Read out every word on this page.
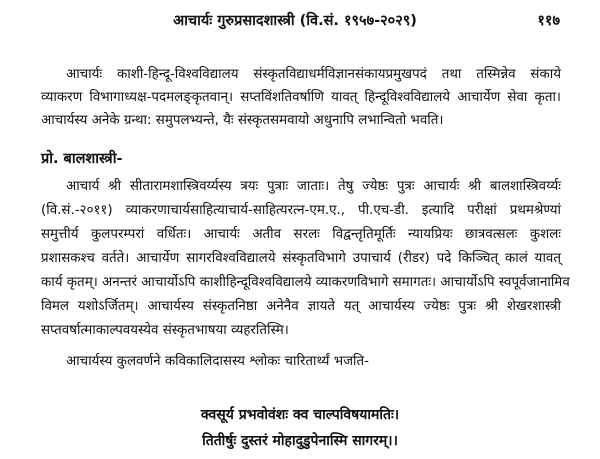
आचार्यः गुरुप्रसादशास्त्री (वि.सं. १९५७-२०२९)	११७
आचार्यः काशी-हिन्दू-विश्वविद्यालय संस्कृतविद्याधर्मविज्ञानसंकायप्रमुखपदं तथा तस्मिन्नेव संकाये
व्याकरण विभागाध्यक्ष-पदमलङ्कृतवान्। सप्तविंशतिवर्षाणि यावत् हिन्दूविश्वविद्यालये आचार्येण सेवा कृता।
आचार्यस्य अनेके ग्रन्था: समुपलभ्यन्ते, यैः संस्कृतसमवायो अधुनापि लभान्वितो भवति।
प्रो. बालशास्त्री-
आचार्य श्री सीतारामशास्त्रिवर्य्यस्य त्रयः पुत्राः जाताः। तेषु ज्येष्ठः पुत्रः आचार्यः श्री बालशास्त्रिवर्य्यः
(वि.सं.-२०११) व्याकरणाचार्यसाहित्याचार्य-साहित्यरत्न-एम.ए., पी.एच-डी. इत्यादि परीक्षां प्रथमश्रेण्यां
समुत्तीर्य कुलपरम्परां वर्धितः। आचार्यः अतीव सरलः विद्वन्तृतिमूर्तिः न्यायप्रियः छात्रवत्सलः कुशलः
प्रशासकश्च वर्तते। आचार्येण सागरविश्वविद्यालये संस्कृतविभागे उपाचार्य (रीडर) पदे किञ्चित् कालं यावत्
कार्य कृतम्। अनन्तरं आचार्योऽपि काशीहिन्दूविश्वविद्यालये व्याकरणविभागे समागतः। आचार्योऽपि स्वपूर्वजानामिव
विमल यशोऽर्जितम्। आचार्यस्य संस्कृतनिष्ठा अनेनैव ज्ञायते यत् आचार्यस्य ज्येष्ठः पुत्रः श्री शेखरशास्त्री
सप्तवर्षात्माकाल्पवयस्येव संस्कृतभाषया व्यहरतिस्मि।
आचार्यस्य कुलवर्णने कविकालिदासस्य श्लोकः चारितार्थ्यं भजति-
क्वसूर्य प्रभवोवंशः क्व चाल्पविषयामतिः।
तितीर्षुः दुस्तरं मोहादुडुपेनास्मि सागरम्।।
